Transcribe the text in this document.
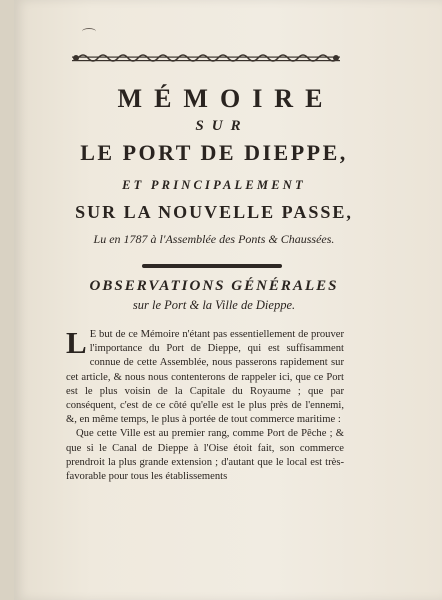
MÉMOIRE
SUR
LE PORT DE DIEPPE,
ET PRINCIPALEMENT
SUR LA NOUVELLE PASSE,
Lu en 1787 à l'Assemblée des Ponts & Chaussées.
OBSERVATIONS GÉNÉRALES
sur le Port & la Ville de Dieppe.

L E but de ce Mémoire n'étant pas essentiellement de prouver l'importance du Port de Dieppe, qui est suffisamment connue de cette Assemblée, nous passerons rapidement sur cet article, & nous nous contenterons de rappeler ici, que ce Port est le plus voisin de la Capitale du Royaume ; que par conséquent, c'est de ce côté qu'elle est le plus près de l'ennemi, &, en même temps, le plus à portée de tout commerce maritime :

Que cette Ville est au premier rang, comme Port de Pêche ; & que si le Canal de Dieppe à l'Oise étoit fait, son commerce prendroit la plus grande extension ; d'autant que le local est très-favorable pour tous les établissements
